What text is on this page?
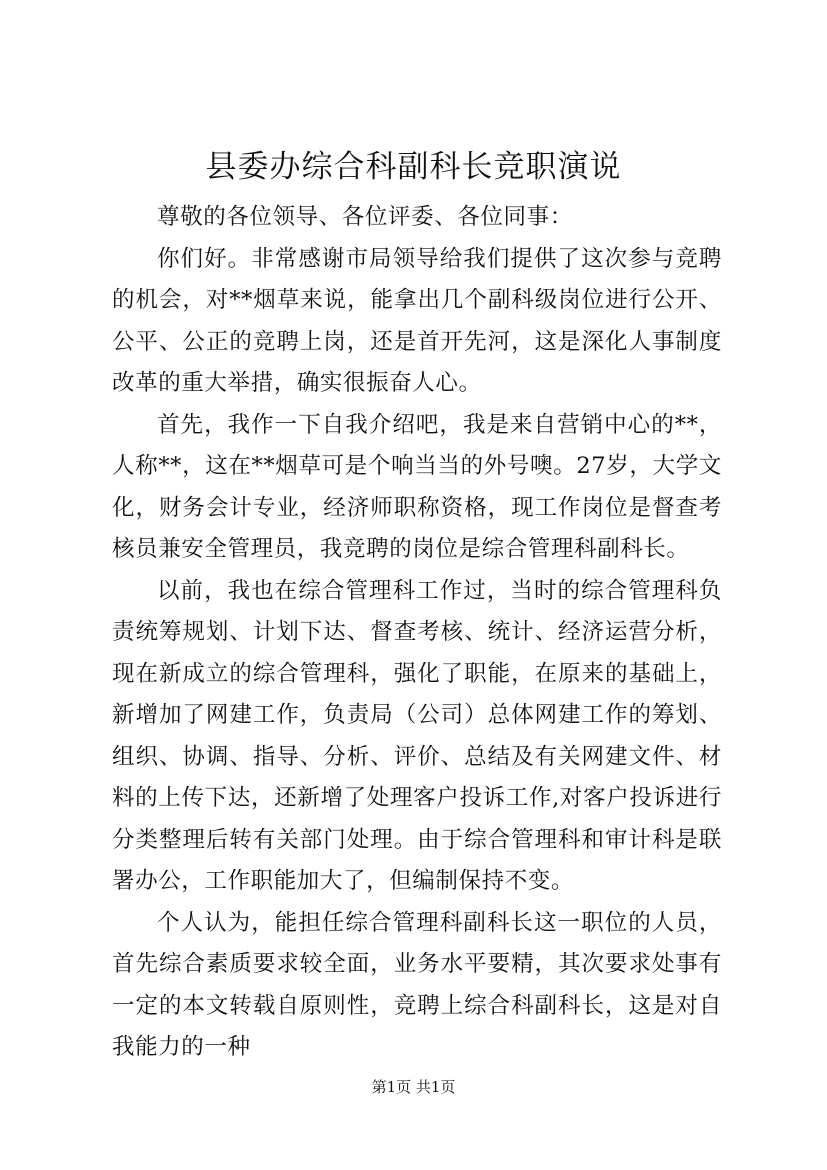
县委办综合科副科长竞职演说

尊敬的各位领导、各位评委、各位同事：

你们好。非常感谢市局领导给我们提供了这次参与竞聘的机会，对**烟草来说，能拿出几个副科级岗位进行公开、公平、公正的竞聘上岗，还是首开先河，这是深化人事制度改革的重大举措，确实很振奋人心。

首先，我作一下自我介绍吧，我是来自营销中心的**，人称**，这在**烟草可是个响当当的外号噢。27岁，大学文化，财务会计专业，经济师职称资格，现工作岗位是督查考核员兼安全管理员，我竞聘的岗位是综合管理科副科长。

以前，我也在综合管理科工作过，当时的综合管理科负责统筹规划、计划下达、督查考核、统计、经济运营分析，现在新成立的综合管理科，强化了职能，在原来的基础上，新增加了网建工作，负责局（公司）总体网建工作的筹划、组织、协调、指导、分析、评价、总结及有关网建文件、材料的上传下达，还新增了处理客户投诉工作,对客户投诉进行分类整理后转有关部门处理。由于综合管理科和审计科是联署办公，工作职能加大了，但编制保持不变。

个人认为，能担任综合管理科副科长这一职位的人员，首先综合素质要求较全面，业务水平要精，其次要求处事有一定的本文转载自原则性，竞聘上综合科副科长，这是对自我能力的一种

第1页 共1页
